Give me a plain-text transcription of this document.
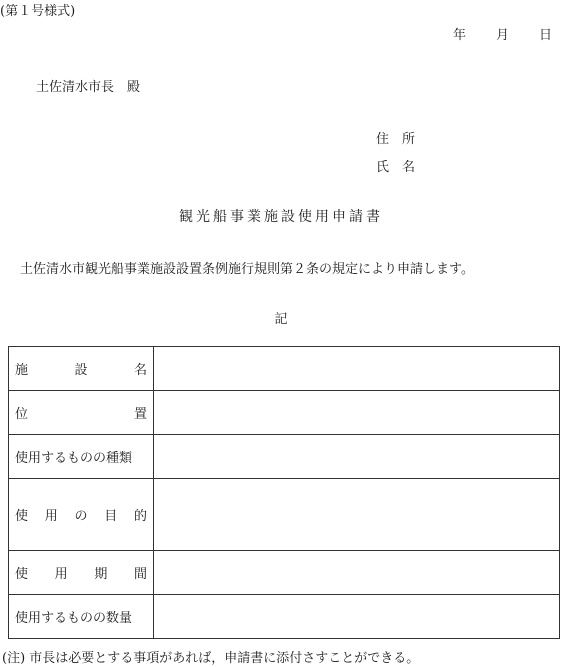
(第１号様式)
年 月 日
土佐清水市長　殿
住　所
氏　名
観光船事業施設使用申請書
土佐清水市観光船事業施設設置条例施行規則第２条の規定により申請します。
記
施 設 名	

位 置	

使用するものの種類	

使 用 の 目 的	

使 用 期 間	

使用するものの数量	

(注) 市長は必要とする事項があれば，申請書に添付さすことができる。
